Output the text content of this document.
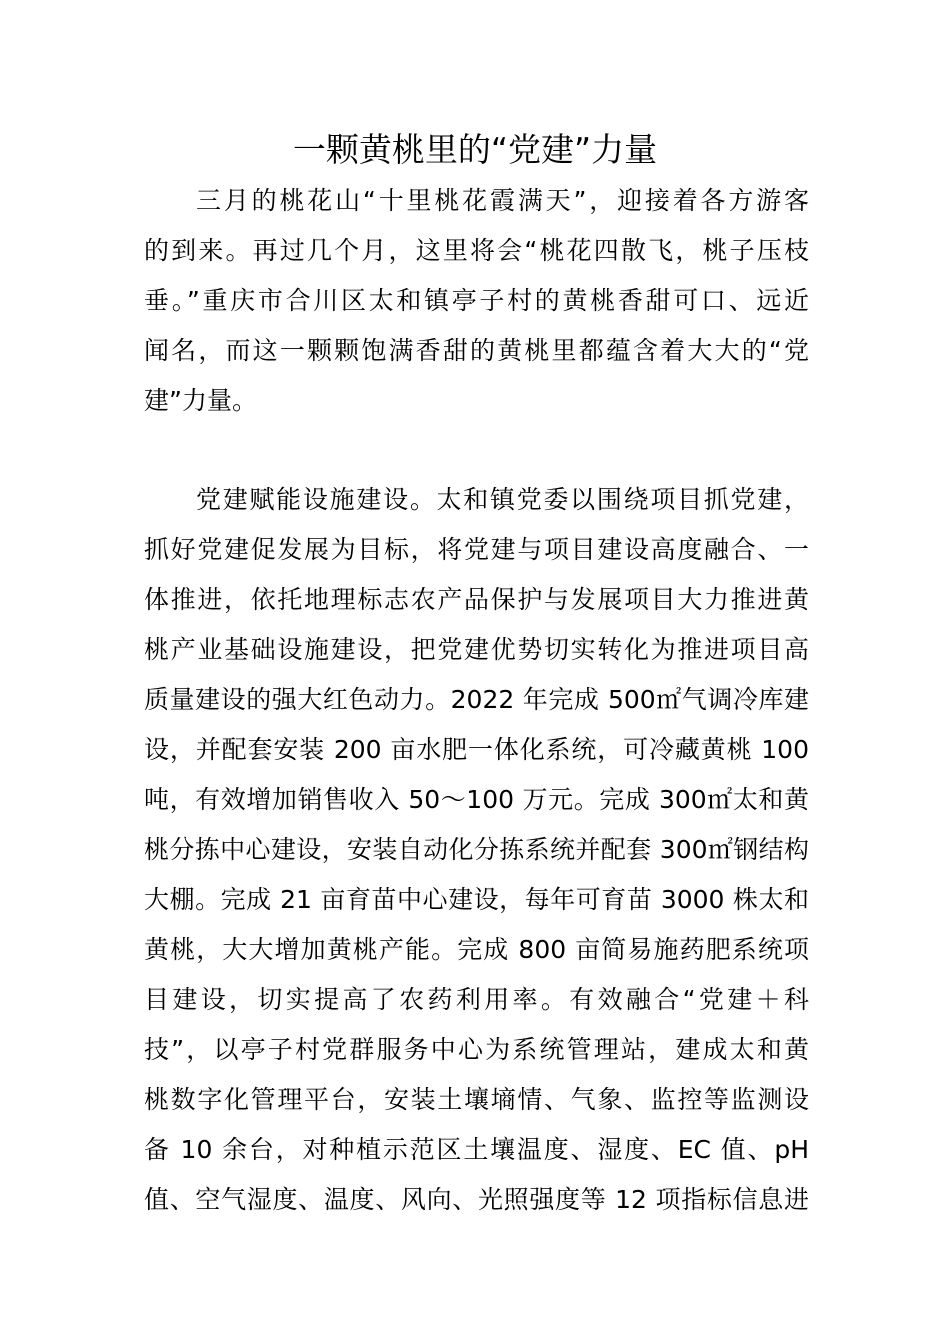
一颗黄桃里的“党建”力量

三月的桃花山“十里桃花霞满天”，迎接着各方游客

的到来。再过几个月，这里将会“桃花四散飞，桃子压枝

垂。”重庆市合川区太和镇亭子村的黄桃香甜可口、远近

闻名，而这一颗颗饱满香甜的黄桃里都蕴含着大大的“党

建”力量。

党建赋能设施建设。太和镇党委以围绕项目抓党建，

抓好党建促发展为目标，将党建与项目建设高度融合、一

体推进，依托地理标志农产品保护与发展项目大力推进黄

桃产业基础设施建设，把党建优势切实转化为推进项目高

质量建设的强大红色动力。2022 年完成 500㎡气调冷库建

设，并配套安装 200 亩水肥一体化系统，可冷藏黄桃 100

吨，有效增加销售收入 50～100 万元。完成 300㎡太和黄

桃分拣中心建设，安装自动化分拣系统并配套 300㎡钢结构

大棚。完成 21 亩育苗中心建设，每年可育苗 3000 株太和

黄桃，大大增加黄桃产能。完成 800 亩简易施药肥系统项

目建设，切实提高了农药利用率。有效融合“党建＋科

技”，以亭子村党群服务中心为系统管理站，建成太和黄

桃数字化管理平台，安装土壤墒情、气象、监控等监测设

备 10 余台，对种植示范区土壤温度、湿度、EC 值、pH

值、空气湿度、温度、风向、光照强度等 12 项指标信息进
